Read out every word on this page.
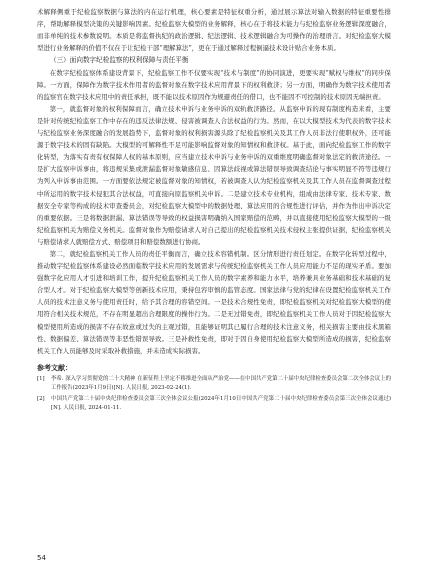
术解释侧重于纪检监察数据与算法的内在运行机理，核心要素是特征权重分析，通过展示算法对输入数据的特征重要性排序，帮助解释模型决策的关键影响因素。纪检监察大模型的业务解释，核心在于将技术能力与纪检监察业务逻辑深度融合，而非单纯的技术参数说明。本质是将监督执纪的政治逻辑、纪法逻辑、技术逻辑融合为可操作的治理语言。对纪检监察大模型进行业务解释的价值不仅在于让纪检干部“理解算法”，更在于通过解释过程倒逼技术设计贴合业务本质。

（三）面向数字纪检监察的权利保障与责任平衡

在数字纪检监察体系建设背景下，纪检监察工作不仅要实现“技术与制度”的协同演进，更要实现“赋权与维权”的同步保障。一方面，保障作为数字技术作用者的监督对象在数字技术应用背景下的权利救济；另一方面，明确作为数字技术使用者的监察官在数字技术应用中的责任承担，既不能以技术原因作为规避责任的借口，也不能因不可控制的技术原因无端担责。

第一，就监督对象的权利保障而言，确立技术申诉与业务申诉的双轨救济路径。从监察申诉的现有制度构造来看，主要是针对传统纪检监察工作中存在的违反法律法规、侵害被调查人合法权益的行为。然而，在以大模型技术为代表的数字技术与纪检监察业务深度融合的发展趋势下，监督对象的权利损害源头除了纪检监察机关及其工作人员非法行使职权外，还可能源于数字技术的固有缺陷。大模型的可解释性不足可能影响监督对象的知情权和救济权。基于此，面向纪检监察工作的数字化转型，为落实有责有权保障人权的基本原则，应当建立技术申诉与业务申诉的双重维度明确监督对象法定的救济途径。一是扩大监察申诉事由，将违规采集或泄漏监督对象敏感信息、因算法歧视或算法错误导致调查结论与事实明显不符等违规行为列入申诉事由范围。一方面要依法规定被监督对象的知情权，若被调查人认为纪检监察机关及其工作人员在监督调查过程中所运用的数字技术侵犯其合法权益，可直接向原监察机关申诉。二是建立技术专业机构，组成由法律专家、技术专家、数据安全专家等构成的技术审查委员会，对纪检监察大模型中的数据处理、算法应用的合规性进行评估，并作为作出申诉决定的重要依据。三是将数据泄漏、算法错误等导致的权益损害明确纳入国家赔偿的范畴，并以直接使用纪检监察大模型的一级纪检监察机关为赔偿义务机关。监督对象作为赔偿请求人对自己提出的纪检监察机关技术侵权主张提供证据，纪检监察机关与赔偿请求人就赔偿方式、赔偿项目和赔偿数额进行协商。

第二，就纪检监察机关工作人员的责任平衡而言，确立技术容错机制。区分情形进行责任划定。在数字化转型过程中，推动数字纪检监察体系建设必然面临数字技术应用的发展需求与传统纪检监察机关工作人员应用能力不足的现实矛盾。要加强数字化应用人才引进和培训工作，提升纪检监察机关工作人员的数字素养和能力水平，培养兼具业务基础和技术基础的复合型人才。对于纪检监察大模型等创新技术应用，秉持包容审慎的监管态度。国家法律与党的纪律在设置纪检监察机关工作人员的技术注意义务与使用责任时，给予其合理的容错空间。一是技术合规性免责，即纪检监察机关对纪检监察大模型的使用符合相关技术规范，不存在明显超出合理限度的操作行为。二是无过错免责，即纪检监察机关工作人员对于因纪检监察大模型使用所造成的损害不存在故意或过失的主观过错，且能够证明其已履行合理的技术注意义务，相关损害主要由技术黑箱性、数据偏差、算法错误等非恶性错误导致。三是补救性免责，即对于因自身使用纪检监察大模型所造成的损害，纪检监察机关工作人员能够及时采取补救措施，并未造成实际损害。

参考文献：
[1]	李希. 深入学习贯彻党的二十大精神 在新征程上坚定不移推进全面从严治党——在中国共产党第二十届中央纪律检查委员会第二次全体会议上的工作报告(2023年1月9日)[N]. 人民日报, 2023-02-24(1).
[2]	中国共产党第二十届中央纪律检查委员会第三次全体会议公报(2024年1月10日中国共产党第二十届中央纪律检查委员会第三次全体会议通过)[N]. 人民日报, 2024-01-11.
54
